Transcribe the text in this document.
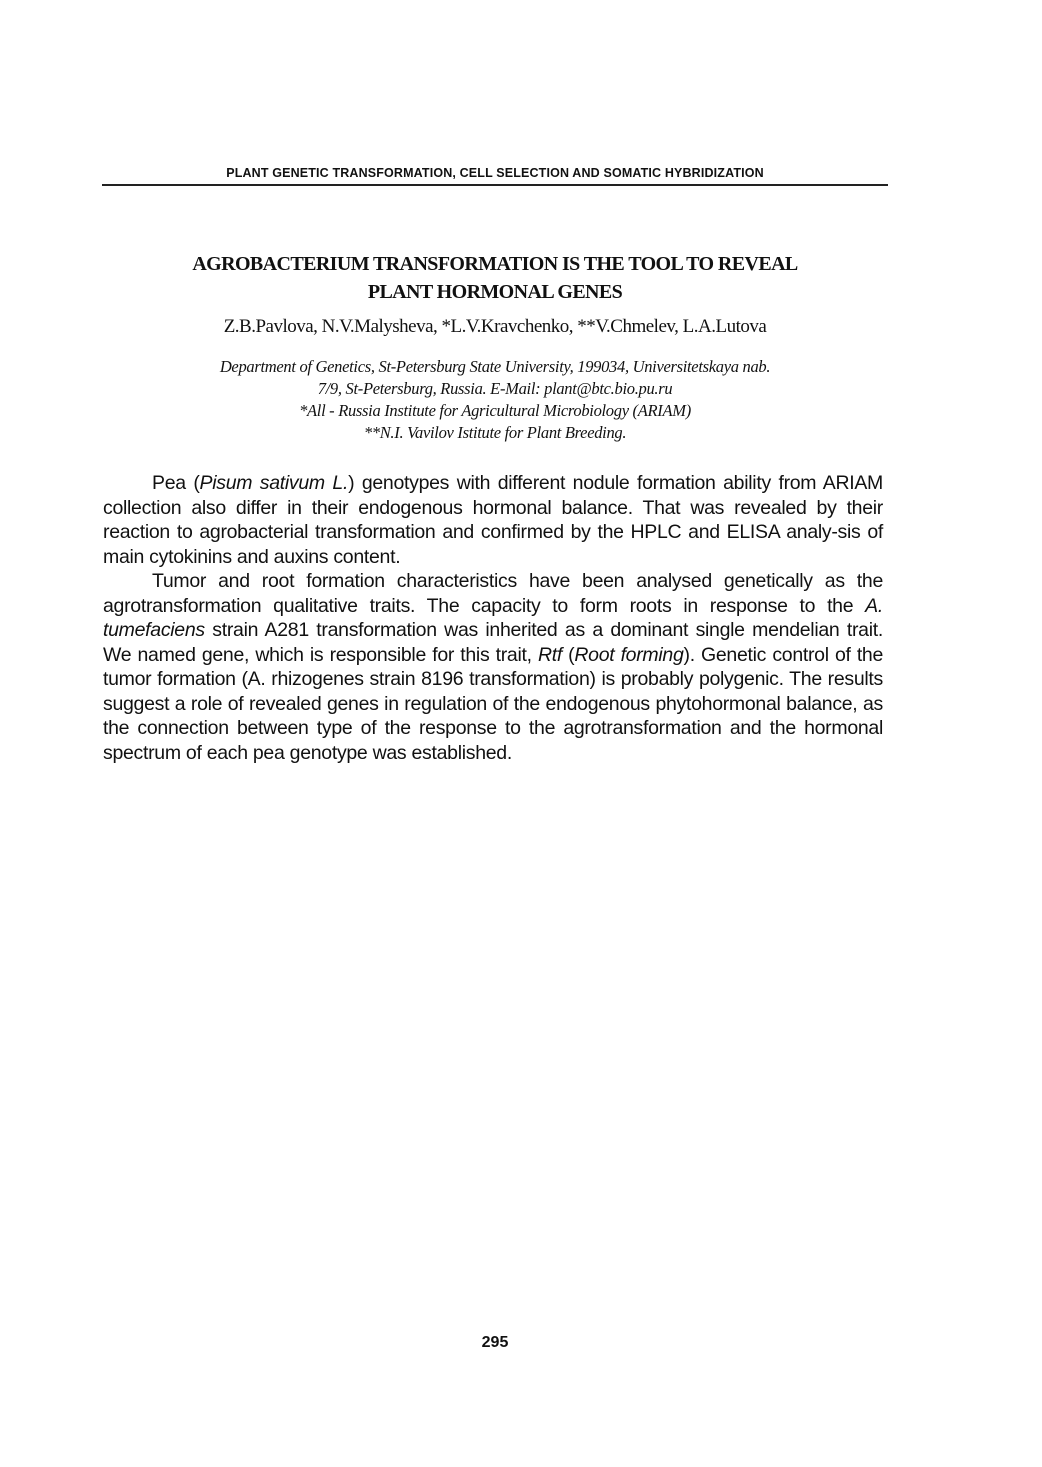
PLANT GENETIC TRANSFORMATION, CELL SELECTION AND SOMATIC HYBRIDIZATION
AGROBACTERIUM TRANSFORMATION IS THE TOOL TO REVEAL
PLANT HORMONAL GENES
Z.B.Pavlova, N.V.Malysheva, *L.V.Kravchenko, **V.Chmelev, L.A.Lutova
Department of Genetics, St-Petersburg State University, 199034, Universitetskaya nab.
7/9, St-Petersburg, Russia. E-Mail: plant@btc.bio.pu.ru
*All - Russia Institute for Agricultural Microbiology (ARIAM)
**N.I. Vavilov Istitute for Plant Breeding.

Pea (Pisum sativum L.) genotypes with different nodule formation ability from ARIAM collection also differ in their endogenous hormonal balance. That was revealed by their reaction to agrobacterial transformation and confirmed by the HPLC and ELISA analy-sis of main cytokinins and auxins content.

Tumor and root formation characteristics have been analysed genetically as the agrotransformation qualitative traits. The capacity to form roots in response to the A. tumefaciens strain A281 transformation was inherited as a dominant single mendelian trait. We named gene, which is responsible for this trait, Rtf (Root forming). Genetic control of the tumor formation (A. rhizogenes strain 8196 transformation) is probably polygenic. The results suggest a role of revealed genes in regulation of the endogenous phytohormonal balance, as the connection between type of the response to the agrotransformation and the hormonal spectrum of each pea genotype was established.

295
